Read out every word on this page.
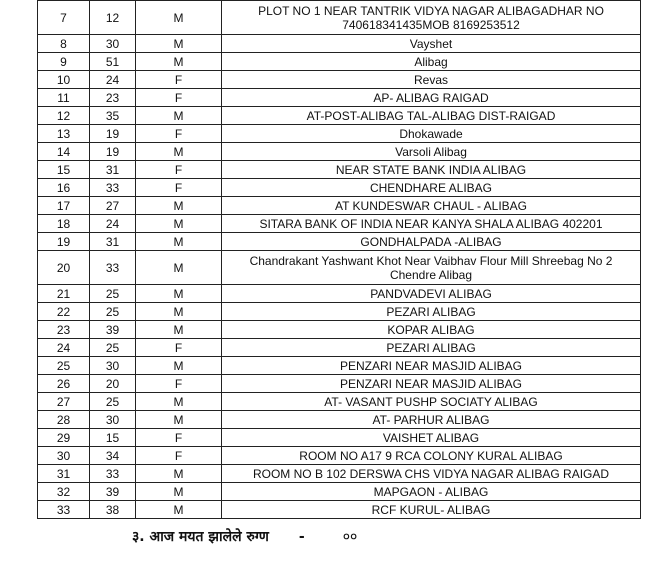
7	12	M	PLOT NO 1 NEAR TANTRIK VIDYA NAGAR ALIBAGADHAR NO 740618341435MOB 8169253512
8	30	M	Vayshet
9	51	M	Alibag
10	24	F	Revas
11	23	F	AP- ALIBAG RAIGAD
12	35	M	AT-POST-ALIBAG TAL-ALIBAG DIST-RAIGAD
13	19	F	Dhokawade
14	19	M	Varsoli Alibag
15	31	F	NEAR STATE BANK INDIA ALIBAG
16	33	F	CHENDHARE ALIBAG
17	27	M	AT KUNDESWAR CHAUL - ALIBAG
18	24	M	SITARA BANK OF INDIA NEAR KANYA SHALA ALIBAG 402201
19	31	M	GONDHALPADA -ALIBAG
20	33	M	Chandrakant Yashwant Khot Near Vaibhav Flour Mill Shreebag No 2 Chendre Alibag
21	25	M	PANDVADEVI ALIBAG
22	25	M	PEZARI ALIBAG
23	39	M	KOPAR ALIBAG
24	25	F	PEZARI ALIBAG
25	30	M	PENZARI NEAR MASJID ALIBAG
26	20	F	PENZARI NEAR MASJID ALIBAG
27	25	M	AT- VASANT PUSHP SOCIATY ALIBAG
28	30	M	AT- PARHUR ALIBAG
29	15	F	VAISHET ALIBAG
30	34	F	ROOM NO A17 9 RCA COLONY KURAL ALIBAG
31	33	M	ROOM NO B 102 DERSWA CHS VIDYA NAGAR ALIBAG RAIGAD
32	39	M	MAPGAON - ALIBAG
33	38	M	RCF KURUL- ALIBAG
३. आज मयत झालेले रुग्ण -	००
